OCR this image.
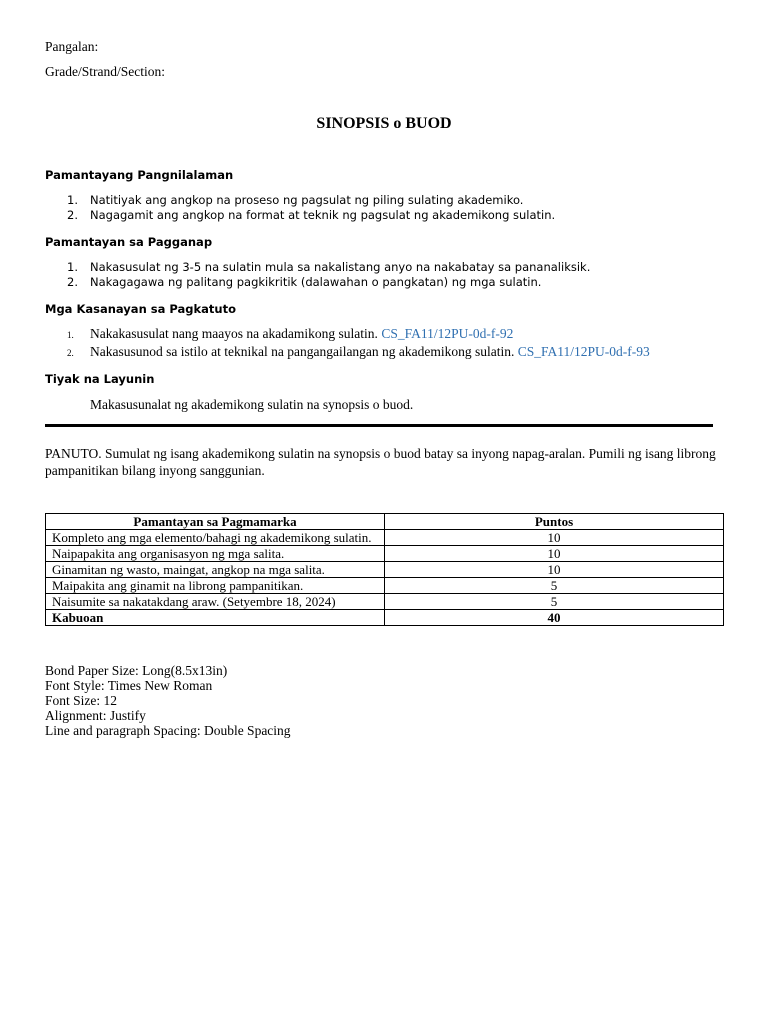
Pangalan:
Grade/Strand/Section:
SINOPSIS o BUOD
Pamantayang Pangnilalaman
1. Natitiyak ang angkop na proseso ng pagsulat ng piling sulating akademiko.
2. Nagagamit ang angkop na format at teknik ng pagsulat ng akademikong sulatin.
Pamantayan sa Pagganap
1. Nakasusulat ng 3-5 na sulatin mula sa nakalistang anyo na nakabatay sa pananaliksik.
2. Nakagagawa ng palitang pagkikritik (dalawahan o pangkatan) ng mga sulatin.
Mga Kasanayan sa Pagkatuto
1. Nakakasusulat nang maayos na akadamikong sulatin. CS_FA11/12PU-0d-f-92
2. Nakasusunod sa istilo at teknikal na pangangailangan ng akademikong sulatin. CS_FA11/12PU-0d-f-93
Tiyak na Layunin
Makasusunalat ng akademikong sulatin na synopsis o buod.
PANUTO. Sumulat ng isang akademikong sulatin na synopsis o buod batay sa inyong napag-aralan. Pumili ng isang librong pampanitikan bilang inyong sanggunian.
Pamantayan sa Pagmamarka	Puntos
Kompleto ang mga elemento/bahagi ng akademikong sulatin.	10
Naipapakita ang organisasyon ng mga salita.	10
Ginamitan ng wasto, maingat, angkop na mga salita.	10
Maipakita ang ginamit na librong pampanitikan.	5
Naisumite sa nakatakdang araw. (Setyembre 18, 2024)	5
Kabuoan	40
Bond Paper Size: Long(8.5x13in)
Font Style: Times New Roman
Font Size: 12
Alignment: Justify
Line and paragraph Spacing: Double Spacing
